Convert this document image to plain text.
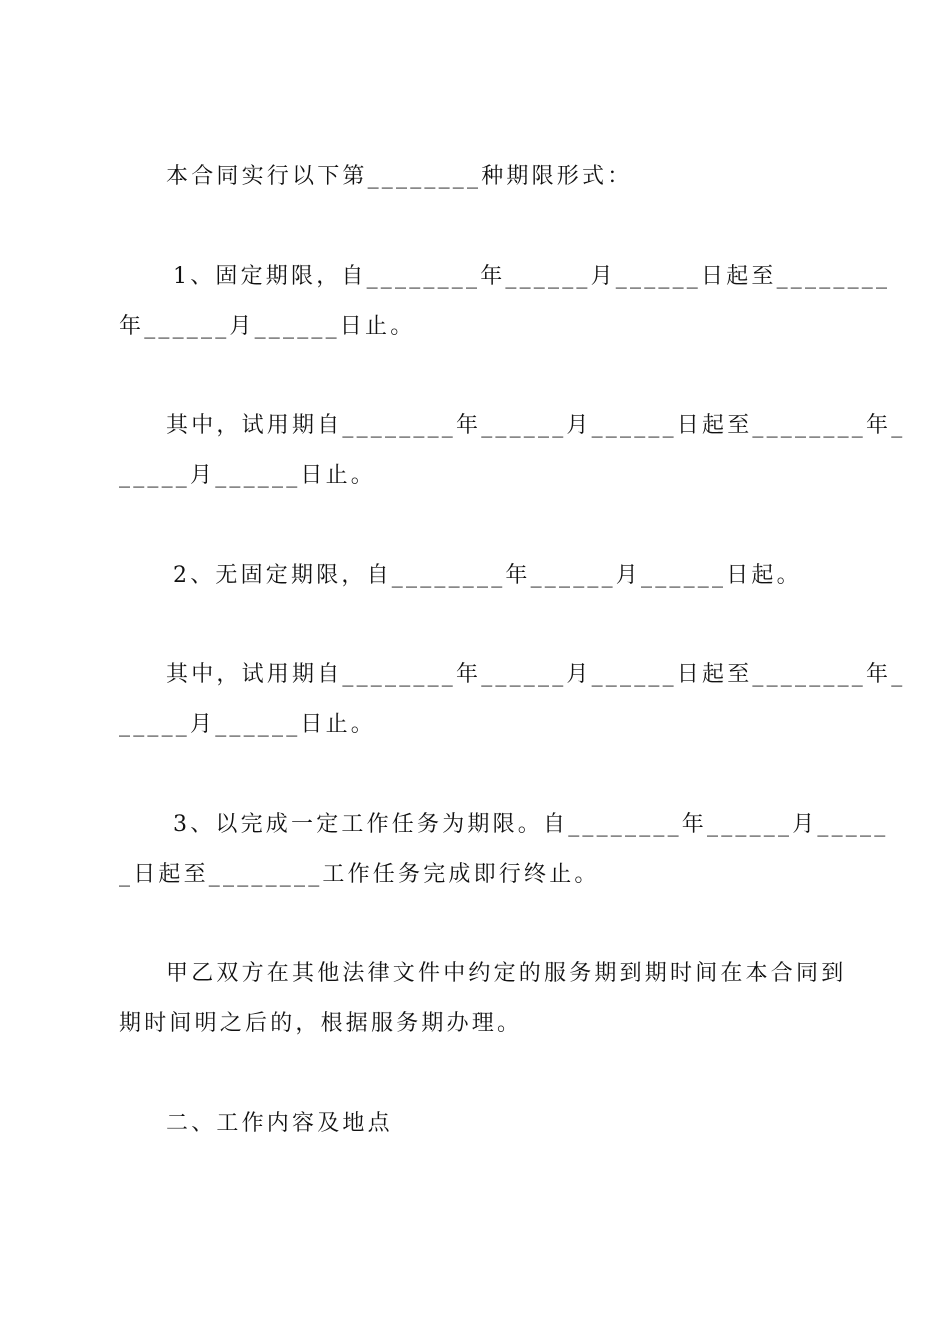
本合同实行以下第________种期限形式：
1、固定期限，自________年______月______日起至________
年______月______日止。
其中，试用期自________年______月______日起至________年_
_____月______日止。
2、无固定期限，自________年______月______日起。
其中，试用期自________年______月______日起至________年_
_____月______日止。
3、以完成一定工作任务为期限。自________年______月_____
_日起至________工作任务完成即行终止。
甲乙双方在其他法律文件中约定的服务期到期时间在本合同到
期时间明之后的，根据服务期办理。
二、工作内容及地点
